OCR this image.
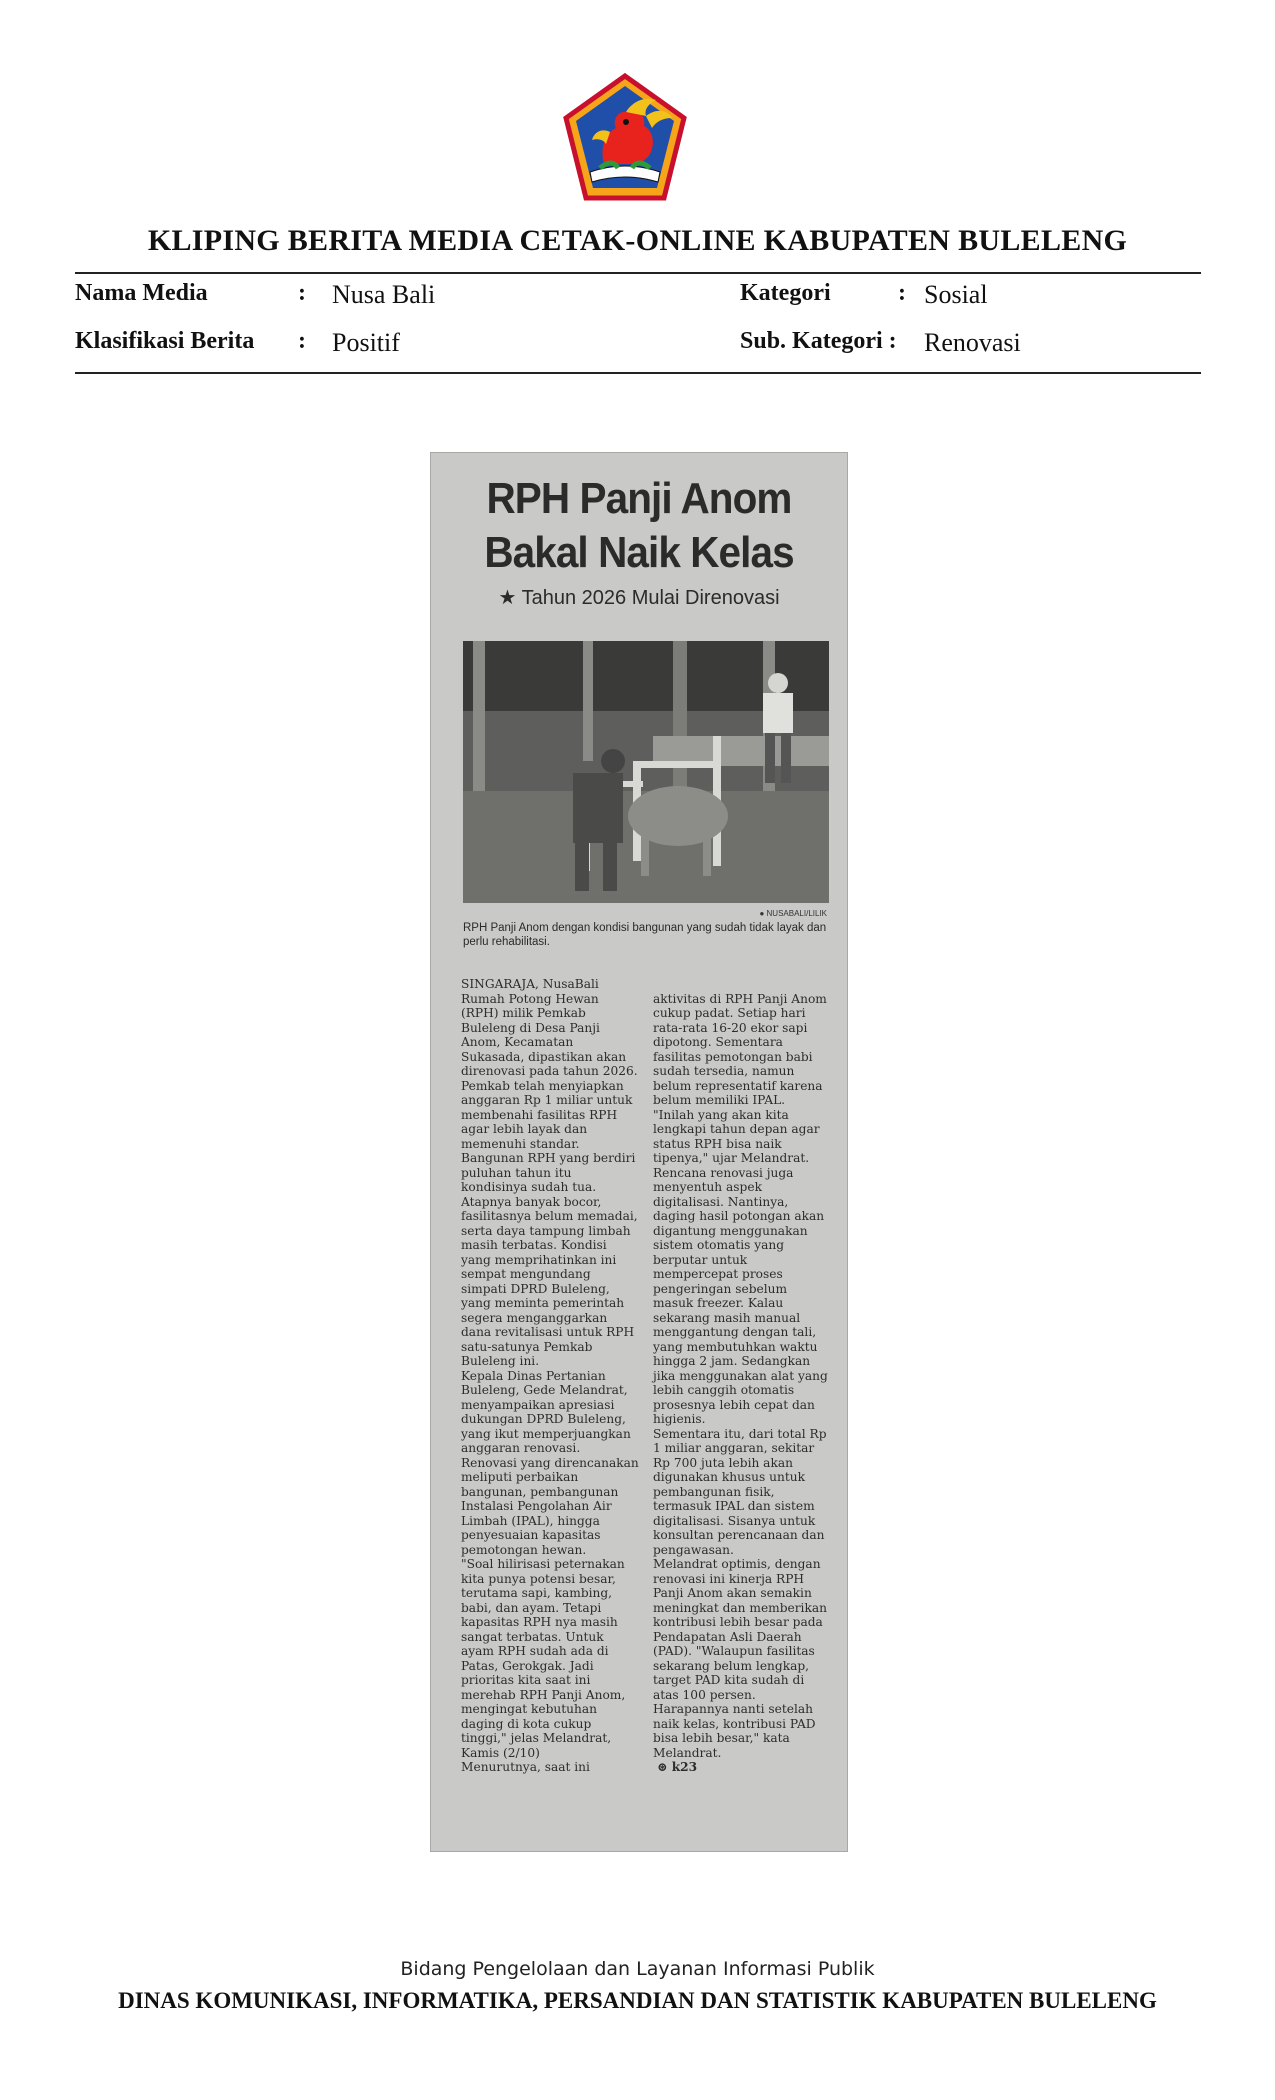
KLIPING BERITA MEDIA CETAK-ONLINE KABUPATEN BULELENG
Nama Media	: Nusa Bali	Kategori	: Sosial
Klasifikasi Berita : Positif	Sub. Kategori : Renovasi
RPH Panji Anom
Bakal Naik Kelas
★ Tahun 2026 Mulai Direnovasi
● NUSABALI/LILIK
RPH Panji Anom dengan kondisi bangunan yang sudah tidak layak dan perlu rehabilitasi.
SINGARAJA, NusaBali
Rumah Potong Hewan (RPH) milik Pemkab Buleleng di Desa Panji Anom, Kecamatan Sukasada, dipastikan akan direnovasi pada tahun 2026. Pemkab telah menyiapkan anggaran Rp 1 miliar untuk membenahi fasilitas RPH agar lebih layak dan memenuhi standar.
Bangunan RPH yang berdiri puluhan tahun itu kondisinya sudah tua. Atapnya banyak bocor, fasilitasnya belum memadai, serta daya tampung limbah masih terbatas. Kondisi yang memprihatinkan ini sempat mengundang simpati DPRD Buleleng, yang meminta pemerintah segera menganggarkan dana revitalisasi untuk RPH satu-satunya Pemkab Buleleng ini.
Kepala Dinas Pertanian Buleleng, Gede Melandrat, menyampaikan apresiasi dukungan DPRD Buleleng, yang ikut memperjuangkan anggaran renovasi. Renovasi yang direncanakan meliputi perbaikan bangunan, pembangunan Instalasi Pengolahan Air Limbah (IPAL), hingga penyesuaian kapasitas pemotongan hewan.
"Soal hilirisasi peternakan kita punya potensi besar, terutama sapi, kambing, babi, dan ayam. Tetapi kapasitas RPH nya masih sangat terbatas. Untuk ayam RPH sudah ada di Patas, Gerokgak. Jadi prioritas kita saat ini merehab RPH Panji Anom, mengingat kebutuhan daging di kota cukup tinggi," jelas Melandrat, Kamis (2/10)
Menurutnya, saat ini

aktivitas di RPH Panji Anom cukup padat. Setiap hari rata-rata 16-20 ekor sapi dipotong. Sementara fasilitas pemotongan babi sudah tersedia, namun belum representatif karena belum memiliki IPAL.
"Inilah yang akan kita lengkapi tahun depan agar status RPH bisa naik tipenya," ujar Melandrat.
Rencana renovasi juga menyentuh aspek digitalisasi. Nantinya, daging hasil potongan akan digantung menggunakan sistem otomatis yang berputar untuk mempercepat proses pengeringan sebelum masuk freezer. Kalau sekarang masih manual menggantung dengan tali, yang membutuhkan waktu hingga 2 jam. Sedangkan jika menggunakan alat yang lebih canggih otomatis prosesnya lebih cepat dan higienis.
Sementara itu, dari total Rp 1 miliar anggaran, sekitar Rp 700 juta lebih akan digunakan khusus untuk pembangunan fisik, termasuk IPAL dan sistem digitalisasi. Sisanya untuk konsultan perencanaan dan pengawasan.
Melandrat optimis, dengan renovasi ini kinerja RPH Panji Anom akan semakin meningkat dan memberikan kontribusi lebih besar pada Pendapatan Asli Daerah (PAD). "Walaupun fasilitas sekarang belum lengkap, target PAD kita sudah di atas 100 persen. Harapannya nanti setelah naik kelas, kontribusi PAD bisa lebih besar," kata Melandrat.
⊛ k23

Bidang Pengelolaan dan Layanan Informasi Publik
DINAS KOMUNIKASI, INFORMATIKA, PERSANDIAN DAN STATISTIK KABUPATEN BULELENG
